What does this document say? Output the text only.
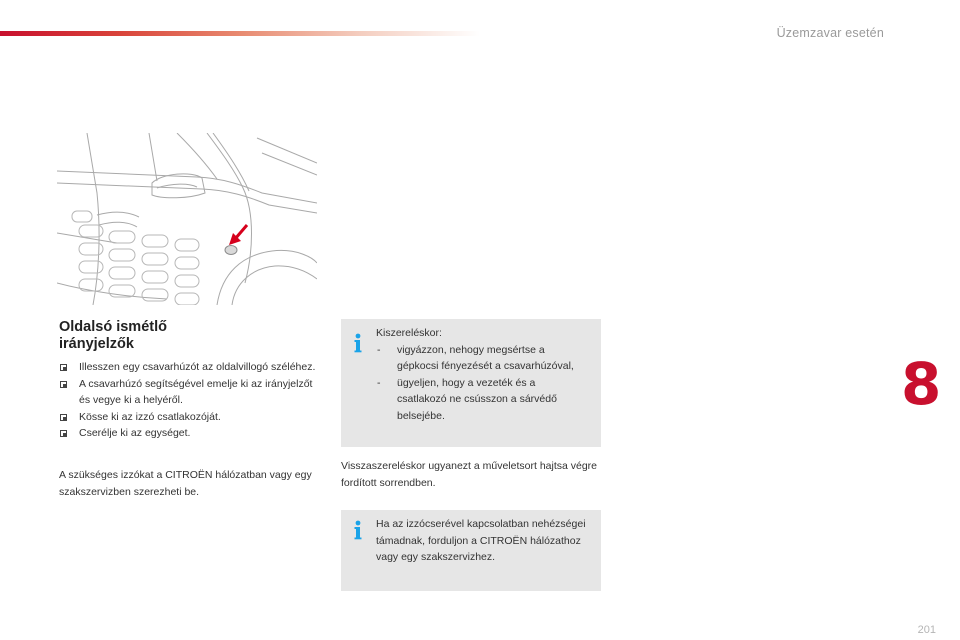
Üzemzavar esetén
8
Oldalsó ismétlő
irányjelzők
Illesszen egy csavarhúzót az oldalvillogó széléhez.
A csavarhúzó segítségével emelje ki az irányjelzőt és vegye ki a helyéről.
Kösse ki az izzó csatlakozóját.
Cserélje ki az egységet.
A szükséges izzókat a CITROËN hálózatban vagy egy szakszervizben szerezheti be.
Kiszereléskor:
- vigyázzon, nehogy megsértse a gépkocsi fényezését a csavarhúzóval,
- ügyeljen, hogy a vezeték és a csatlakozó ne csússzon a sárvédő belsejébe.
Visszaszereléskor ugyanezt a műveletsort hajtsa végre fordított sorrendben.
Ha az izzócserével kapcsolatban nehézségei támadnak, forduljon a CITROËN hálózathoz vagy egy szakszervizhez.
201
